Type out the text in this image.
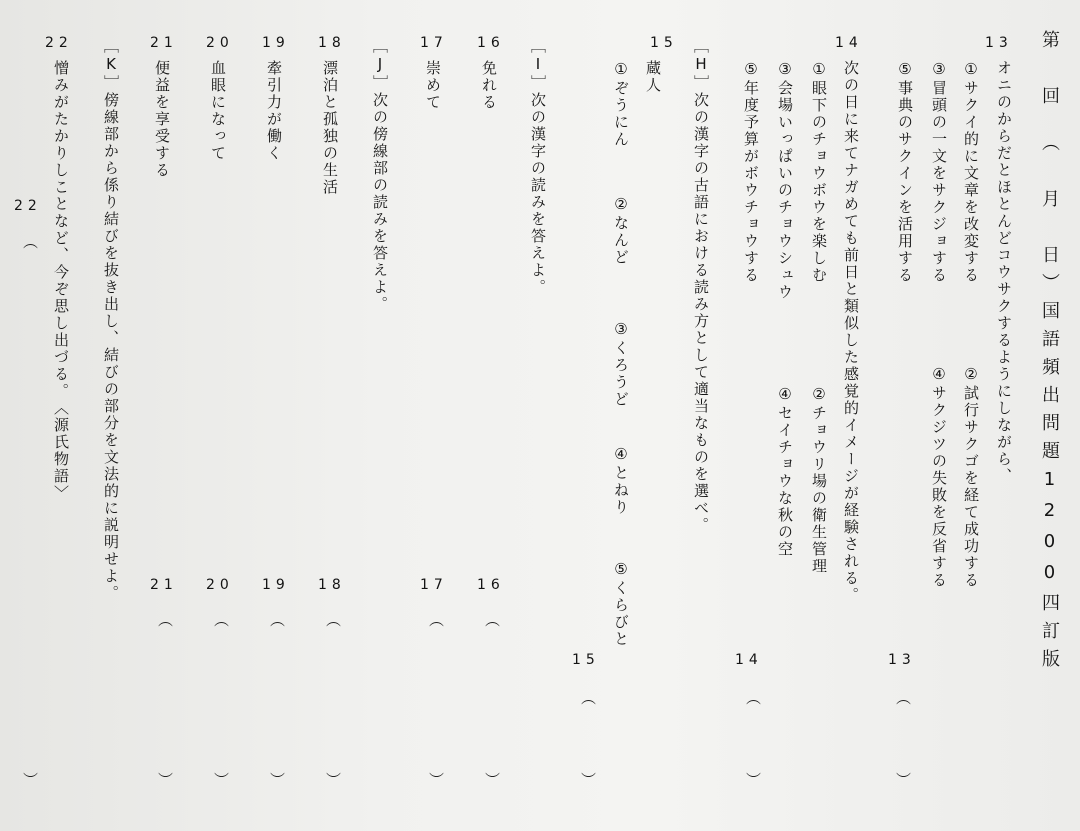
第　回　（　月　日）国語頻出問題1200四訂版
13
オニのからだとほとんどコウサクするようにしながら、
①サクイ的に文章を改変する
②試行サクゴを経て成功する
③冒頭の一文をサクジョする
④サクジツの失敗を反省する
⑤事典のサクインを活用する
14
次の日に来てナガめても前日と類似した感覚的イメージが経験される。
①眼下のチョウボウを楽しむ
②チョウリ場の衛生管理
③会場いっぱいのチョウシュウ
④セイチョウな秋の空
⑤年度予算がボウチョウする
［H］次の漢字の古語における読み方として適当なものを選べ。
15
蔵人
①ぞうにん
②なんど
③くろうど
④とねり
⑤くらびと
［I］次の漢字の読みを答えよ。
16
免れる
17
崇めて
［J］次の傍線部の読みを答えよ。
18
漂泊と孤独の生活
19
牽引力が働く
20
血眼になって
21
便益を享受する
［K］傍線部から係り結びを抜き出し、結びの部分を文法的に説明せよ。
22
憎みがたかりしことなど、今ぞ思し出づる。
〈源氏物語〉
13
（
）
14
（
）
15
（
）
16
（
）
17
（
）
18
（
）
19
（
）
20
（
）
21
（
）
22
（
）
